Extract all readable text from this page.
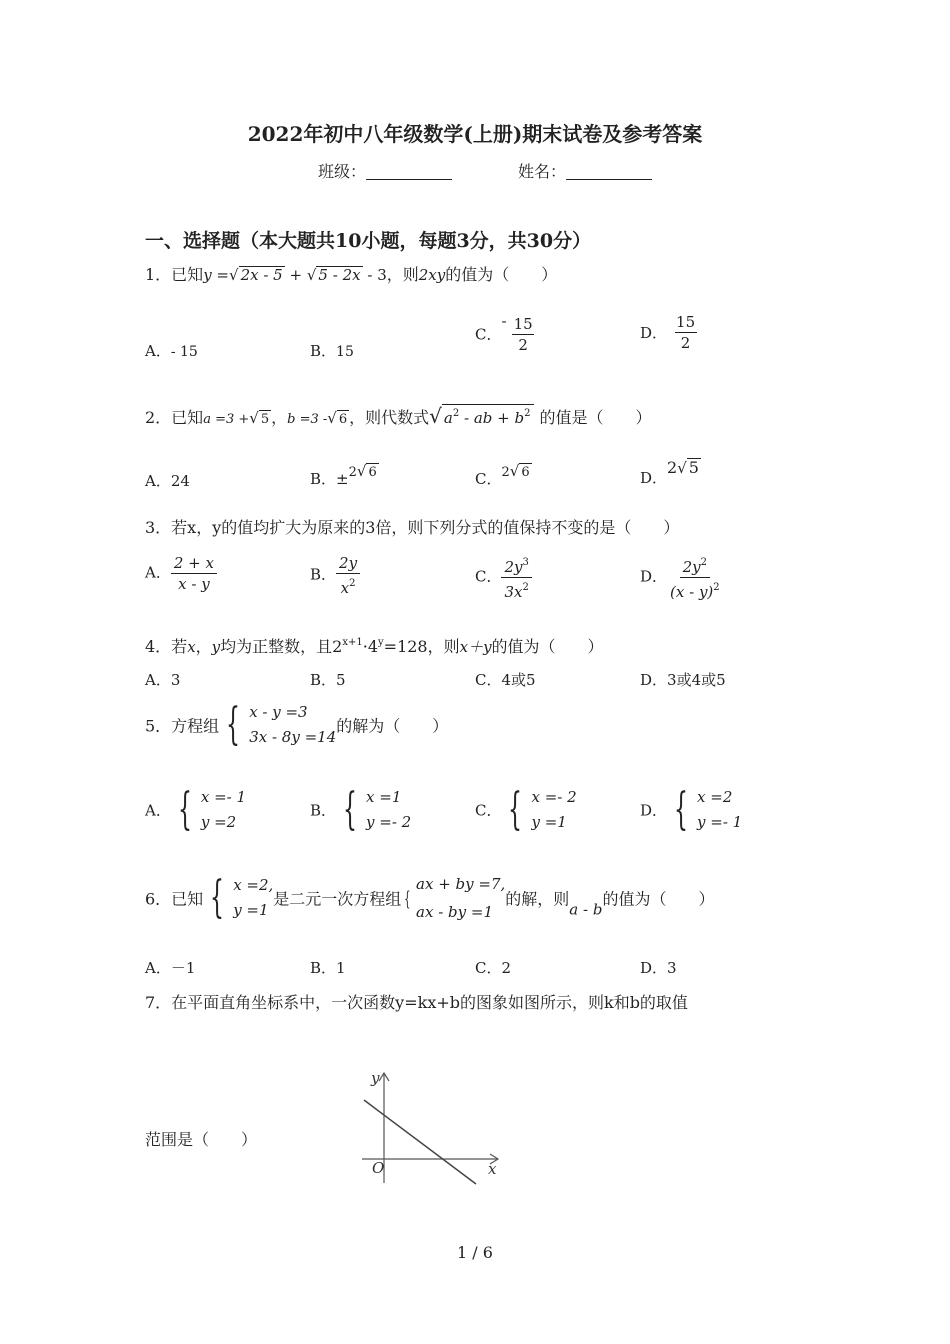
2022年初中八年级数学(上册)期末试卷及参考答案
班级：	姓名：
一、选择题（本大题共10小题，每题3分，共30分）
1．已知y =√ 2x - 5 + √ 5 - 2x - 3，则2xy的值为（　　）
A．- 15	B．15
C．- $\frac{15}{2}$	D． $\frac{15}{2}$
2．已知a =3 +√ 5 ，b =3 -√ 6 ，则代数式√ $a^2$ - ab + $b^2$ 的值是（　　）
A．24	B．±2√ 6	C．2√ 6	D．2√ 5
3．若x，y的值均扩大为原来的3倍，则下列分式的值保持不变的是（　　）
A． $\frac{2 + x}{x - y}$	B． $\frac{2y}{x^2}$	C． $\frac{2y^3}{3x^2}$	D． $\frac{2y^2}{(x - y)^2}$
4．若x，y均为正整数，且$2^{x+1}\cdot 4^y=128$，则x＋y的值为（　　）
A．3	B．5	C．4或5	D．3或4或5
5．方程组 { x - y =3
3x - 8y =14
的解为（　　）
A． { x =- 1
y =2
B． { x =1
y =- 2
C． { x =- 2
y =1
D． { x =2
y =- 1
6．已知 { x =2,
y =1
是二元一次方程组 {
ax + by =7,
ax - by =1
的解，则a - b的值为（　　）
A．－1	B．1	C．2	D．3
7．在平面直角坐标系中，一次函数y=kx+b的图象如图所示，则k和b的取值
范围是（　　）
y
x
O
1 / 6
